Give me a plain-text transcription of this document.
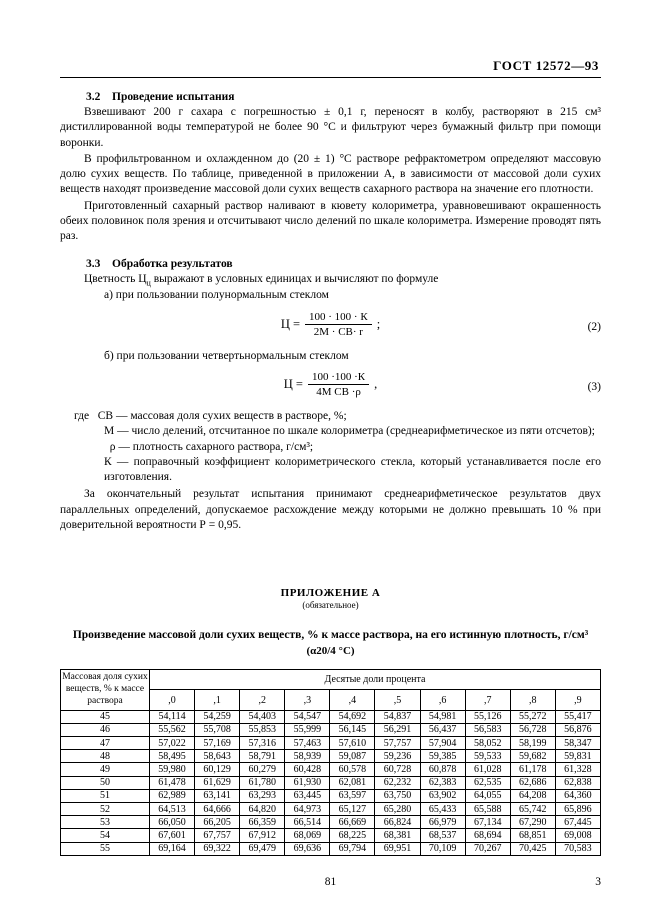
ГОСТ 12572—93
3.2 Проведение испытания

Взвешивают 200 г сахара с погрешностью ± 0,1 г, переносят в колбу, растворяют в 215 см³ дистиллированной воды температурой не более 90 °С и фильтруют через бумажный фильтр при помощи воронки.

В профильтрованном и охлажденном до (20 ± 1) °С растворе рефрактометром определяют массовую долю сухих веществ. По таблице, приведенной в приложении А, в зависимости от массовой доли сухих веществ находят произведение массовой доли сухих веществ сахарного раствора на значение его плотности.

Приготовленный сахарный раствор наливают в кювету колориметра, уравновешивают окрашенность обеих половинок поля зрения и отсчитывают число делений по шкале колориметра. Измерение проводят пять раз.

3.3 Обработка результатов

Цветность $Ц_ц$ выражают в условных единицах и вычисляют по формуле

а) при пользовании полунормальным стеклом

$Ц = \frac{100 \cdot 100 \cdot К}{2М \cdot СВ\cdot r}$ ;	(2)

б) при пользовании четвертьнормальным стеклом

$Ц = \frac{100 \cdot 100 \cdot К}{\text{4М СВ ·ρ}}$ ,	(3)
где СВ — массовая доля сухих веществ в растворе, %;
М — число делений, отсчитанное по шкале колориметра (среднеарифметическое из пяти отсчетов);
ρ — плотность сахарного раствора, г/см³;
К — поправочный коэффициент колориметрического стекла, который устанавливается после его изготовления.

За окончательный результат испытания принимают среднеарифметическое результатов двух параллельных определений, допускаемое расхождение между которыми не должно превышать 10 % при доверительной вероятности Р = 0,95.

ПРИЛОЖЕНИЕ А
(обязательное)
Произведение массовой доли сухих веществ, % к массе раствора, на его истинную плотность, г/см³
(α20/4 °С)
Массовая доля сухих веществ, % к массе раствора	Десятые доли процента									
	,0	,1	,2	,3	,4	,5	,6	,7	,8	,9
45	54,114	54,259	54,403	54,547	54,692	54,837	54,981	55,126	55,272	55,417
46	55,562	55,708	55,853	55,999	56,145	56,291	56,437	56,583	56,728	56,876
47	57,022	57,169	57,316	57,463	57,610	57,757	57,904	58,052	58,199	58,347
48	58,495	58,643	58,791	58,939	59,087	59,236	59,385	59,533	59,682	59,831
49	59,980	60,129	60,279	60,428	60,578	60,728	60,878	61,028	61,178	61,328
50	61,478	61,629	61,780	61,930	62,081	62,232	62,383	62,535	62,686	62,838
51	62,989	63,141	63,293	63,445	63,597	63,750	63,902	64,055	64,208	64,360
52	64,513	64,666	64,820	64,973	65,127	65,280	65,433	65,588	65,742	65,896
53	66,050	66,205	66,359	66,514	66,669	66,824	66,979	67,134	67,290	67,445
54	67,601	67,757	67,912	68,069	68,225	68,381	68,537	68,694	68,851	69,008
55	69,164	69,322	69,479	69,636	69,794	69,951	70,109	70,267	70,425	70,583
81	3
